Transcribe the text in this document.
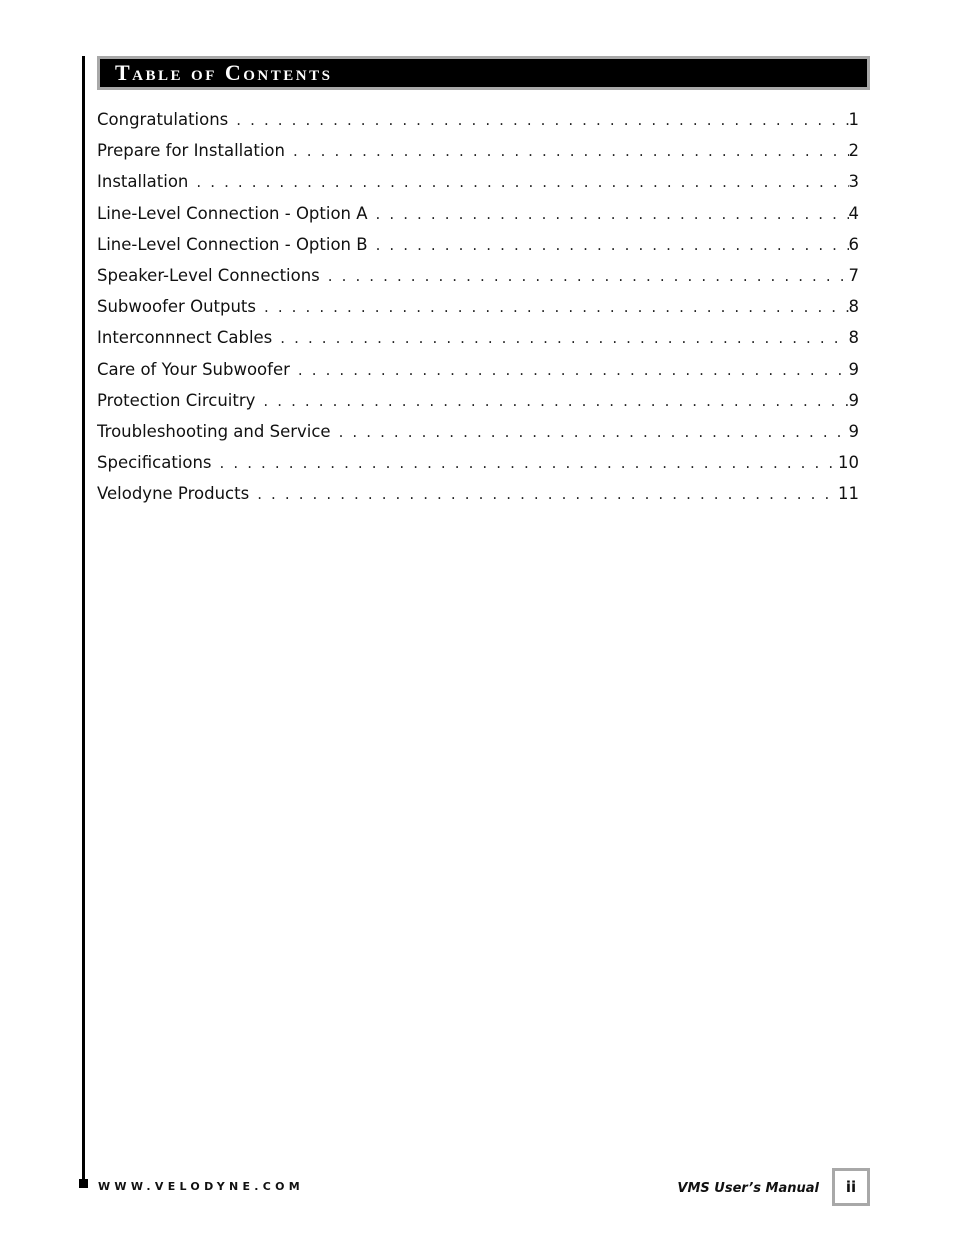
Table of Contents
Congratulations . . .	1
Prepare for Installation . . .	2
Installation . . .	3
Line-Level Connection - Option A . . .	4
Line-Level Connection - Option B . . .	6
Speaker-Level Connections . . .	7
Subwoofer Outputs . . .	8
Interconnnect Cables . . .	8
Care of Your Subwoofer . . .	9
Protection Circuitry . . .	9
Troubleshooting and Service . . .	9
Specifications . . .	10
Velodyne Products . . .	11
WWW.VELODYNE.COM	VMS User’s Manual ii
